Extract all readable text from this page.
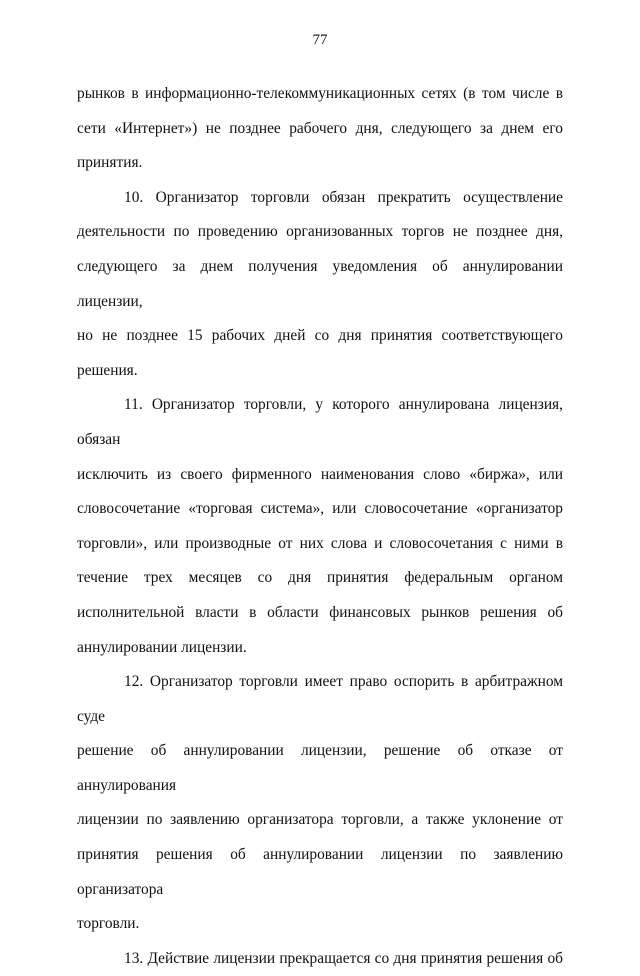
77
рынков в информационно-телекоммуникационных сетях (в том числе в
сети «Интернет») не позднее рабочего дня, следующего за днем его
принятия.
10. Организатор торговли обязан прекратить осуществление
деятельности по проведению организованных торгов не позднее дня,
следующего за днем получения уведомления об аннулировании лицензии,
но не позднее 15 рабочих дней со дня принятия соответствующего
решения.
11. Организатор торговли, у которого аннулирована лицензия, обязан
исключить из своего фирменного наименования слово «биржа», или
словосочетание «торговая система», или словосочетание «организатор
торговли», или производные от них слова и словосочетания с ними в
течение трех месяцев со дня принятия федеральным органом
исполнительной власти в области финансовых рынков решения об
аннулировании лицензии.
12. Организатор торговли имеет право оспорить в арбитражном суде
решение об аннулировании лицензии, решение об отказе от аннулирования
лицензии по заявлению организатора торговли, а также уклонение от
принятия решения об аннулировании лицензии по заявлению организатора
торговли.
13. Действие лицензии прекращается со дня принятия решения об
